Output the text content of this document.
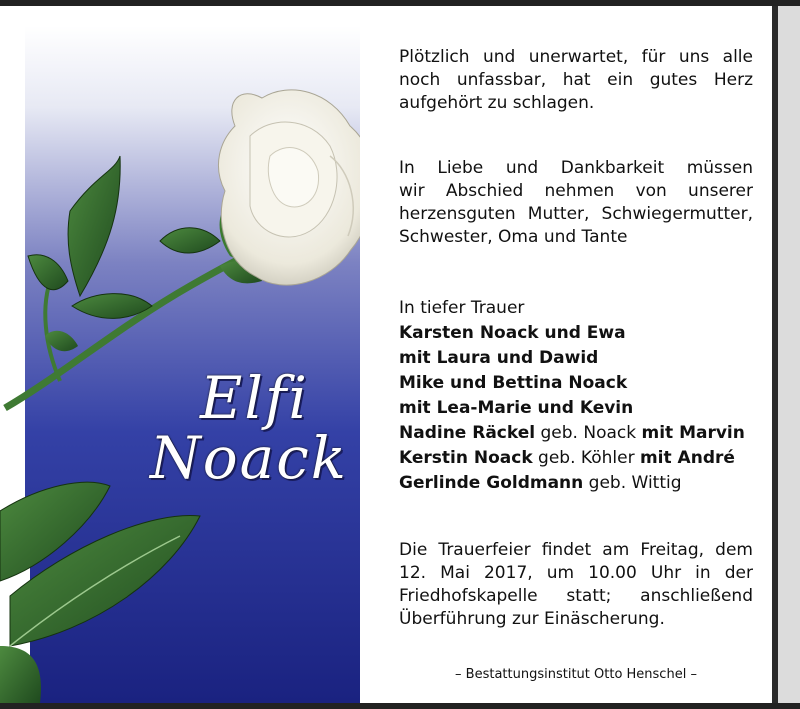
Elfi
Noack
Plötzlich und unerwartet, für uns alle
noch unfassbar, hat ein gutes Herz
aufgehört zu schlagen.
In Liebe und Dankbarkeit müssen
wir Abschied nehmen von unserer
herzensguten Mutter, Schwiegermutter,
Schwester, Oma und Tante
In tiefer Trauer
Karsten Noack und Ewa
mit Laura und Dawid
Mike und Bettina Noack
mit Lea-Marie und Kevin
Nadine Räckel geb. Noack mit Marvin
Kerstin Noack geb. Köhler mit André
Gerlinde Goldmann geb. Wittig
Die Trauerfeier findet am Freitag, dem
12. Mai 2017, um 10.00 Uhr in der
Friedhofskapelle statt; anschließend
Überführung zur Einäscherung.
– Bestattungsinstitut Otto Henschel –
